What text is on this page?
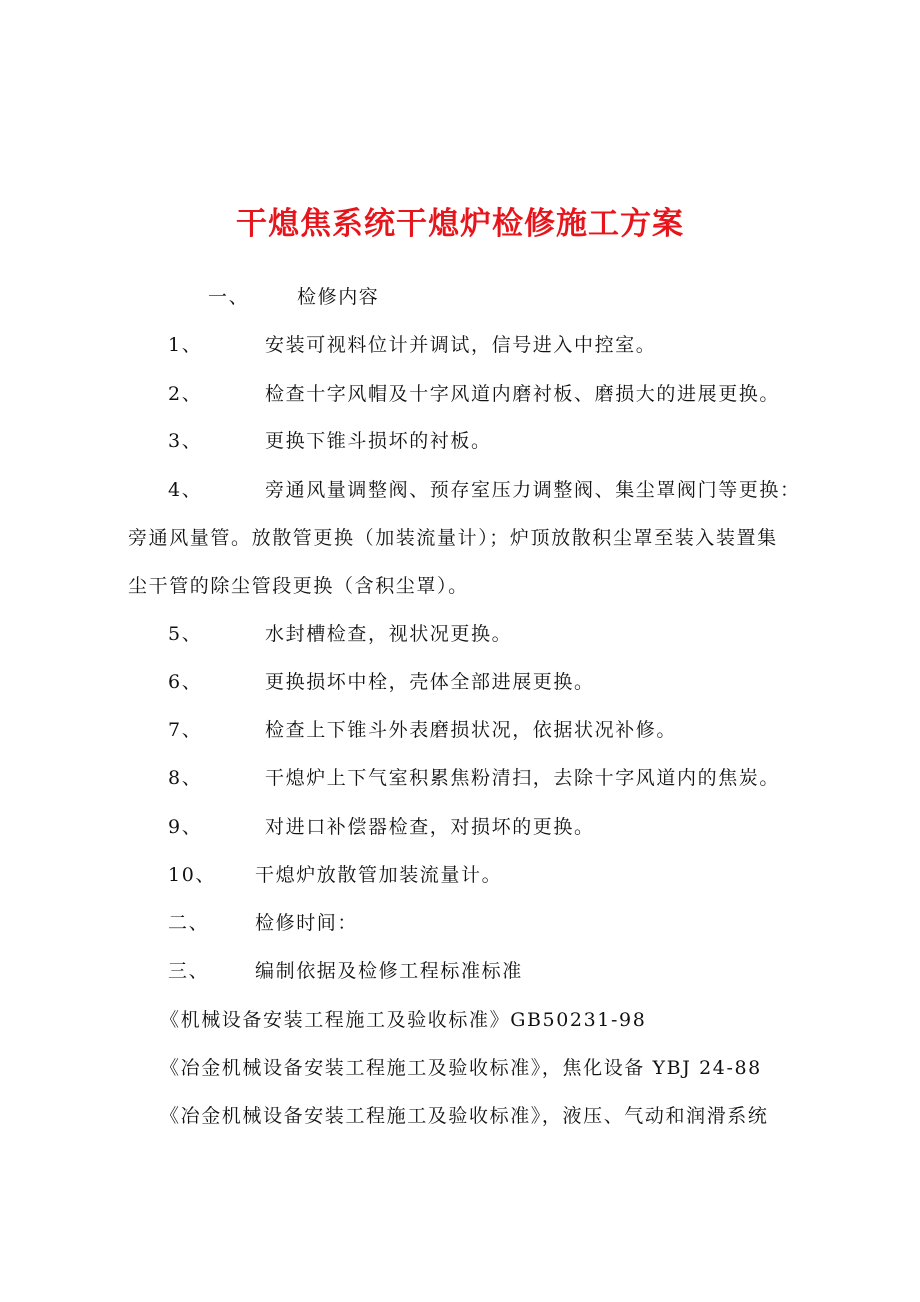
干熄焦系统干熄炉检修施工方案
一、	检修内容
1、	安装可视料位计并调试，信号进入中控室。
2、	检查十字风帽及十字风道内磨衬板、磨损大的进展更换。
3、	更换下锥斗损坏的衬板。
4、	旁通风量调整阀、预存室压力调整阀、集尘罩阀门等更换：
旁通风量管。放散管更换（加装流量计）；炉顶放散积尘罩至装入装置集
尘干管的除尘管段更换（含积尘罩）。
5、	水封槽检查，视状况更换。
6、	更换损坏中栓，壳体全部进展更换。
7、	检查上下锥斗外表磨损状况，依据状况补修。
8、	干熄炉上下气室积累焦粉清扫，去除十字风道内的焦炭。
9、	对进口补偿器检查，对损坏的更换。
10、 干熄炉放散管加装流量计。
二、 检修时间：
三、 编制依据及检修工程标准标准
《机械设备安装工程施工及验收标准》GB50231-98
《冶金机械设备安装工程施工及验收标准》，焦化设备 YBJ 24-88
《冶金机械设备安装工程施工及验收标准》，液压、气动和润滑系统
